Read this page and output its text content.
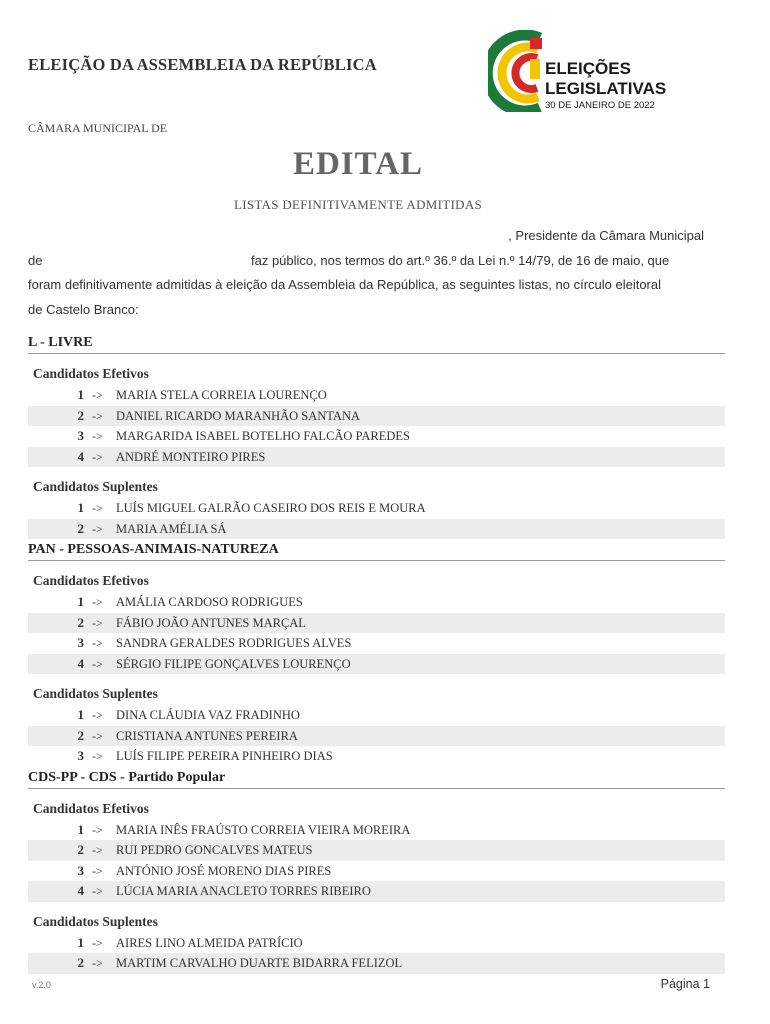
ELEIÇÃO DA ASSEMBLEIA DA REPÚBLICA	ELEIÇÕES
LEGISLATIVAS
30 DE JANEIRO DE 2022
CÂMARA MUNICIPAL DE
EDITAL
LISTAS DEFINITIVAMENTE ADMITIDAS
, Presidente da Câmara Municipal
de	faz público, nos termos do art.º 36.º da Lei n.º 14/79, de 16 de maio, que
foram definitivamente admitidas à eleição da Assembleia da República, as seguintes listas, no círculo eleitoral
de Castelo Branco:
L - LIVRE
Candidatos Efetivos
1 -> MARIA STELA CORREIA LOURENÇO
2 -> DANIEL RICARDO MARANHÃO SANTANA
3 -> MARGARIDA ISABEL BOTELHO FALCÃO PAREDES
4 -> ANDRÉ MONTEIRO PIRES
Candidatos Suplentes
1 -> LUÍS MIGUEL GALRÃO CASEIRO DOS REIS E MOURA
2 -> MARIA AMÉLIA SÁ
PAN - PESSOAS-ANIMAIS-NATUREZA
Candidatos Efetivos
1 -> AMÁLIA CARDOSO RODRIGUES
2 -> FÁBIO JOÃO ANTUNES MARÇAL
3 -> SANDRA GERALDES RODRIGUES ALVES
4 -> SÉRGIO FILIPE GONÇALVES LOURENÇO
Candidatos Suplentes
1 -> DINA CLÁUDIA VAZ FRADINHO
2 -> CRISTIANA ANTUNES PEREIRA
3 -> LUÍS FILIPE PEREIRA PINHEIRO DIAS
CDS-PP - CDS - Partido Popular
Candidatos Efetivos
1 -> MARIA INÊS FRAÚSTO CORREIA VIEIRA MOREIRA
2 -> RUI PEDRO GONCALVES MATEUS
3 -> ANTÓNIO JOSÉ MORENO DIAS PIRES
4 -> LÚCIA MARIA ANACLETO TORRES RIBEIRO
Candidatos Suplentes
1 -> AIRES LINO ALMEIDA PATRÍCIO
2 -> MARTIM CARVALHO DUARTE BIDARRA FELIZOL
v.2.0	Página 1
